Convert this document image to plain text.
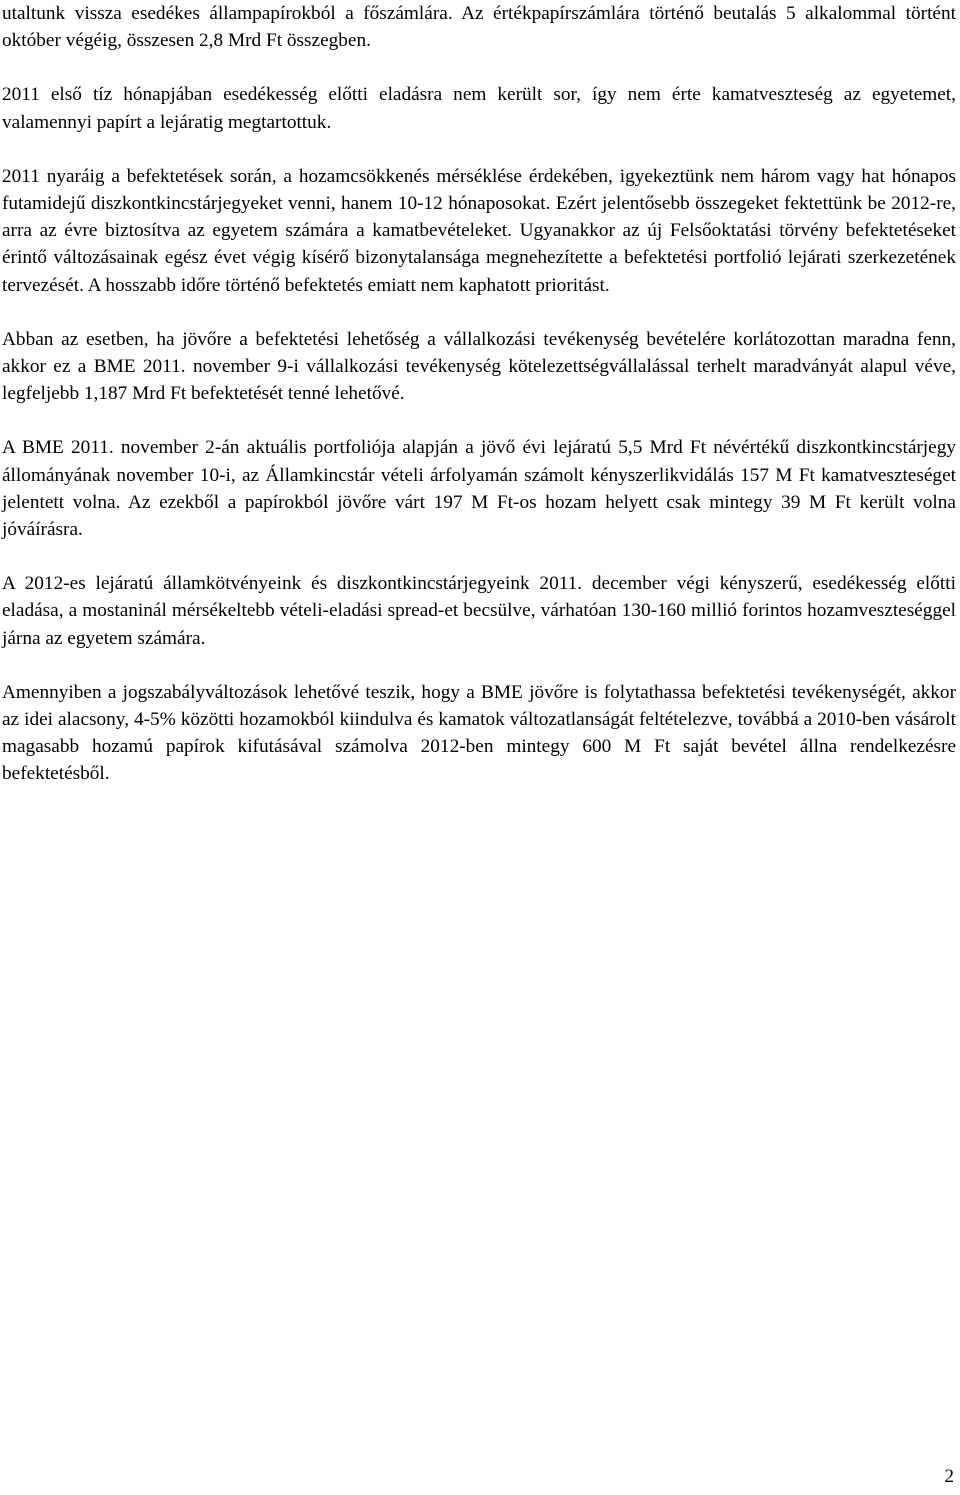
utaltunk vissza esedékes állampapírokból a főszámlára. Az értékpapírszámlára történő beutalás 5 alkalommal történt október végéig, összesen 2,8 Mrd Ft összegben.

2011 első tíz hónapjában esedékesség előtti eladásra nem került sor, így nem érte kamatveszteség az egyetemet, valamennyi papírt a lejáratig megtartottuk.

2011 nyaráig a befektetések során, a hozamcsökkenés mérséklése érdekében, igyekeztünk nem három vagy hat hónapos futamidejű diszkontkincstárjegyeket venni, hanem 10-12 hónaposokat. Ezért jelentősebb összegeket fektettünk be 2012-re, arra az évre biztosítva az egyetem számára a kamatbevételeket. Ugyanakkor az új Felsőoktatási törvény befektetéseket érintő változásainak egész évet végig kísérő bizonytalansága megnehezítette a befektetési portfolió lejárati szerkezetének tervezését. A hosszabb időre történő befektetés emiatt nem kaphatott prioritást.

Abban az esetben, ha jövőre a befektetési lehetőség a vállalkozási tevékenység bevételére korlátozottan maradna fenn, akkor ez a BME 2011. november 9-i vállalkozási tevékenység kötelezettségvállalással terhelt maradványát alapul véve, legfeljebb 1,187 Mrd Ft befektetését tenné lehetővé.

A BME 2011. november 2-án aktuális portfoliója alapján a jövő évi lejáratú 5,5 Mrd Ft névértékű diszkontkincstárjegy állományának november 10-i, az Államkincstár vételi árfolyamán számolt kényszerlikvidálás 157 M Ft kamatveszteséget jelentett volna. Az ezekből a papírokból jövőre várt 197 M Ft-os hozam helyett csak mintegy 39 M Ft került volna jóváírásra.

A 2012-es lejáratú államkötvényeink és diszkontkincstárjegyeink 2011. december végi kényszerű, esedékesség előtti eladása, a mostaninál mérsékeltebb vételi-eladási spread-et becsülve, várhatóan 130-160 millió forintos hozamveszteséggel járna az egyetem számára.

Amennyiben a jogszabályváltozások lehetővé teszik, hogy a BME jövőre is folytathassa befektetési tevékenységét, akkor az idei alacsony, 4-5% közötti hozamokból kiindulva és kamatok változatlanságát feltételezve, továbbá a 2010-ben vásárolt magasabb hozamú papírok kifutásával számolva 2012-ben mintegy 600 M Ft saját bevétel állna rendelkezésre befektetésből.

2
